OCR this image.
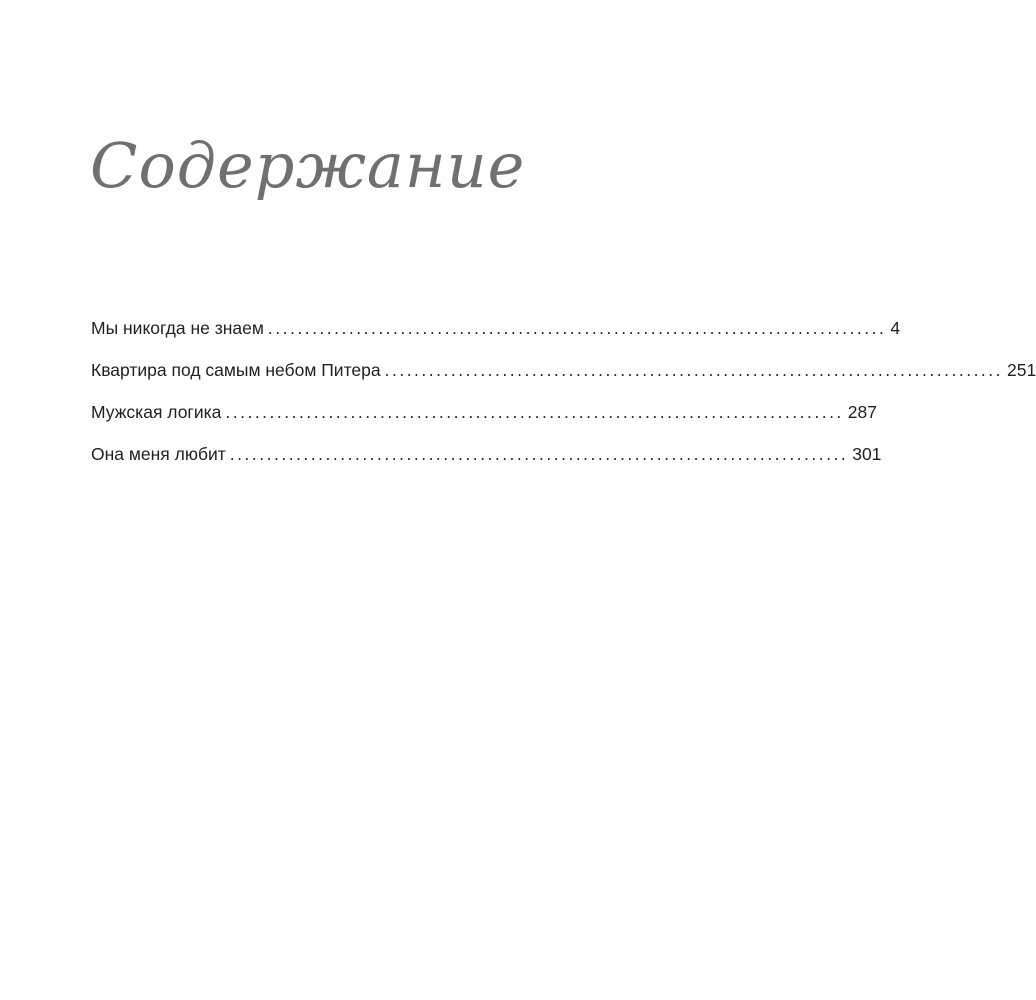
Содержание
Мы никогда не знаем .................................................................................... 4
Квартира под самым небом Питера .................................................................................... 251
Мужская логика .................................................................................... 287
Она меня любит .................................................................................... 301
